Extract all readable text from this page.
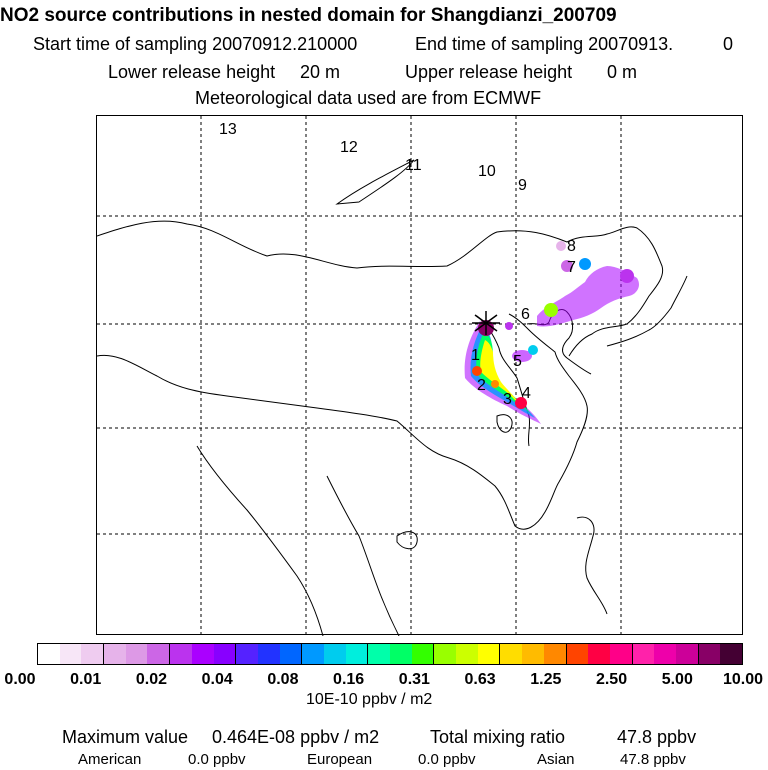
NO2 source contributions in nested domain for Shangdianzi_200709
Start time of sampling 20070912.210000	End time of sampling 20070913.	0
Lower release height 20 m	Upper release height 0 m
Meteorological data used are from ECMWF
13
12
11	10
9
8
7
6
5
4
3
2
1
10E-10 ppbv / m2
Maximum value 0.464E-08 ppbv / m2	Total mixing ratio	47.8 ppbv
American	0.0 ppbv	European	0.0 ppbv	Asian	47.8 ppbv
0.00 0.01 0.02 0.04 0.08 0.16 0.31 0.63 1.25 2.50 5.00 10.00
